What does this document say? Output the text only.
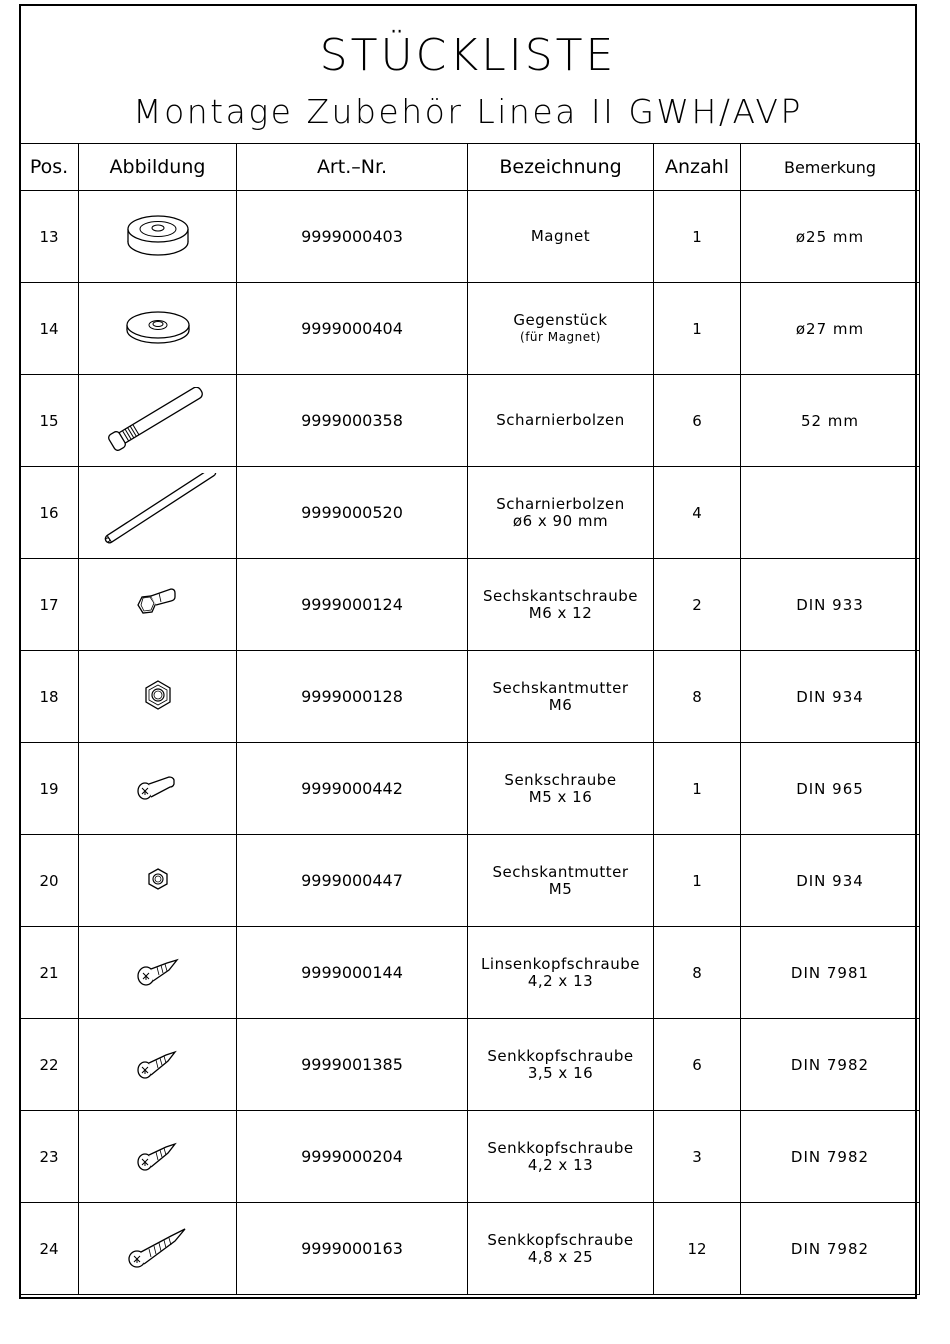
STÜCKLISTE
Montage Zubehör Linea II GWH/AVP
Pos.	Abbildung	Art.–Nr.	Bezeichnung	Anzahl	Bemerkung
13		9999000403	Magnet	1	ø25 mm
14		9999000404	Gegenstück
(für Magnet)	1	ø27 mm
15		9999000358	Scharnierbolzen	6	52 mm
16		9999000520	Scharnierbolzen
ø6 x 90 mm	4	
17		9999000124	Sechskantschraube
M6 x 12	2	DIN 933
18		9999000128	Sechskantmutter
M6	8	DIN 934
19		9999000442	Senkschraube
M5 x 16	1	DIN 965
20		9999000447	Sechskantmutter
M5	1	DIN 934
21		9999000144	Linsenkopfschraube
4,2 x 13	8	DIN 7981
22		9999001385	Senkkopfschraube
3,5 x 16	6	DIN 7982
23		9999000204	Senkkopfschraube
4,2 x 13	3	DIN 7982
24		9999000163	Senkkopfschraube
4,8 x 25	12	DIN 7982
